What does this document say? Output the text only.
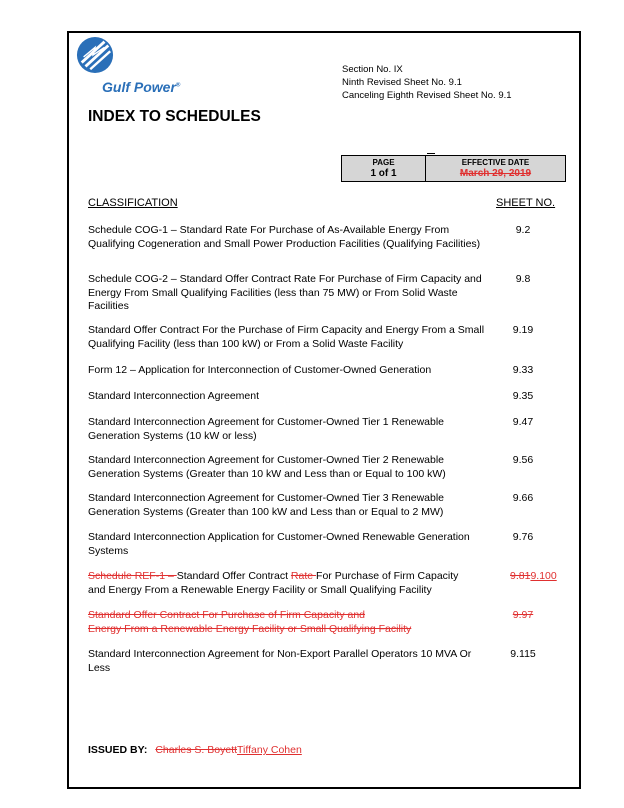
Gulf Power®
Section No. IX
Ninth Revised Sheet No. 9.1
Canceling Eighth Revised Sheet No. 9.1
INDEX TO SCHEDULES
PAGE
1 of 1
EFFECTIVE DATE
March 29, 2019
CLASSIFICATION	SHEET NO.
Schedule COG-1 – Standard Rate For Purchase of As-Available Energy From Qualifying Cogeneration and Small Power Production Facilities (Qualifying Facilities)
9.2
Schedule COG-2 – Standard Offer Contract Rate For Purchase of Firm Capacity and Energy From Small Qualifying Facilities (less than 75 MW) or From Solid Waste Facilities
9.8
Standard Offer Contract For the Purchase of Firm Capacity and Energy From a Small Qualifying Facility (less than 100 kW) or From a Solid Waste Facility
9.19
Form 12 – Application for Interconnection of Customer-Owned Generation	9.33
Standard Interconnection Agreement	9.35
Standard Interconnection Agreement for Customer-Owned Tier 1 Renewable Generation Systems (10 kW or less)
9.47
Standard Interconnection Agreement for Customer-Owned Tier 2 Renewable Generation Systems (Greater than 10 kW and Less than or Equal to 100 kW)
9.56
Standard Interconnection Agreement for Customer-Owned Tier 3 Renewable Generation Systems (Greater than 100 kW and Less than or Equal to 2 MW)
9.66
Standard Interconnection Application for Customer-Owned Renewable Generation Systems
9.76
Schedule REF-1 – Standard Offer Contract Rate For Purchase of Firm Capacity
and Energy From a Renewable Energy Facility or Small Qualifying Facility
9.819.100
Standard Offer Contract For Purchase of Firm Capacity and
Energy From a Renewable Energy Facility or Small Qualifying Facility
9.97
Standard Interconnection Agreement for Non-Export Parallel Operators 10 MVA Or Less
9.115
ISSUED BY: Charles S. BoyettTiffany Cohen
